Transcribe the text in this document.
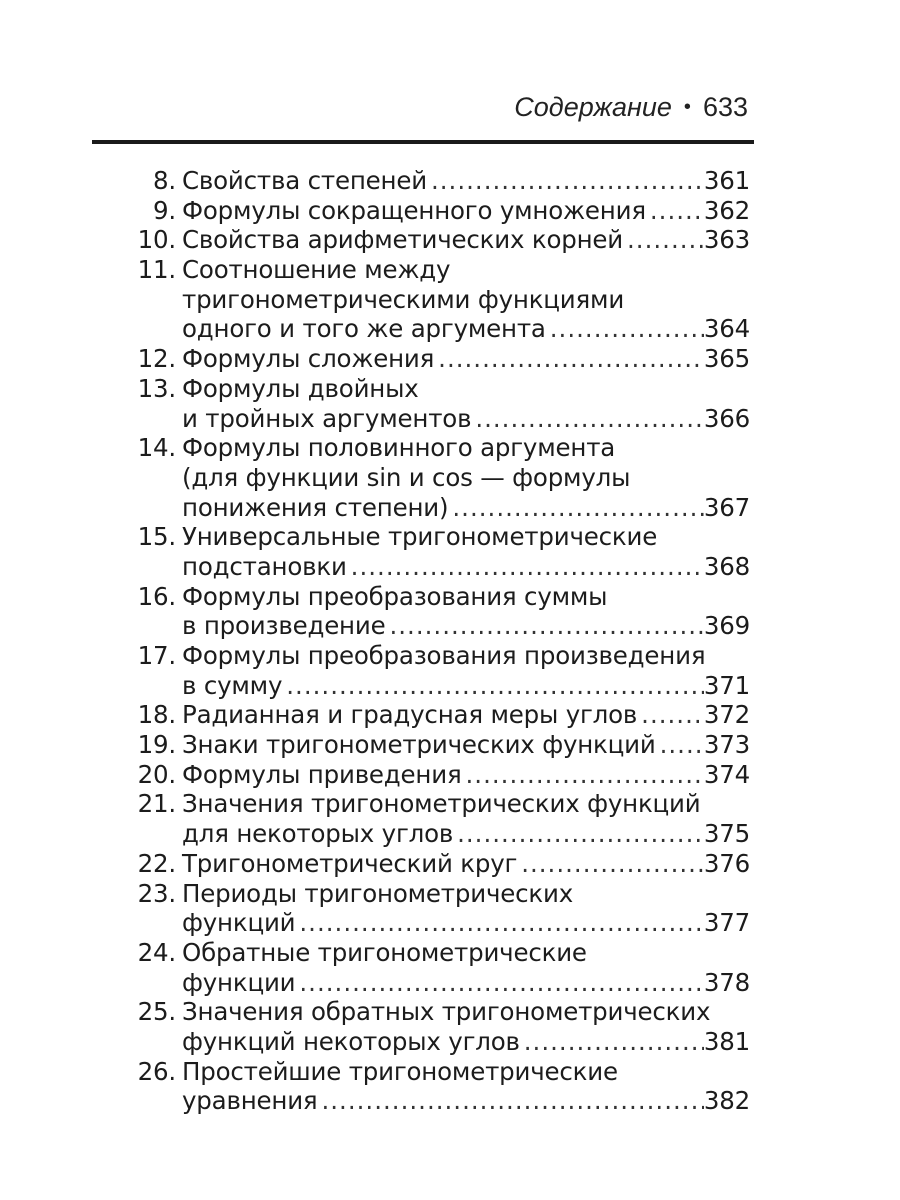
Содержание • 633
8. Свойства степеней .....	361
9. Формулы сокращенного умножения ..... 362
10. Свойства арифметических корней .....	363
11. Соотношение между
тригонометрическими функциями
одного и того же аргумента .....	364
12. Формулы сложения .....	365
13. Формулы двойных
и тройных аргументов .....	366
14. Формулы половинного аргумента
(для функции sin и cos — формулы
понижения степени) .....	367
15. Универсальные тригонометрические
подстановки .....	368
16. Формулы преобразования суммы
в произведение .....	369
17. Формулы преобразования произведения
в сумму .....	371
18. Радианная и градусная меры углов .....	372
19. Знаки тригонометрических функций ..... 373
20. Формулы приведения .....	374
21. Значения тригонометрических функций
для некоторых углов .....	375
22. Тригонометрический круг .....	376
23. Периоды тригонометрических
функций .....	377
24. Обратные тригонометрические
функции .....	378
25. Значения обратных тригонометрических
функций некоторых углов .....	381
26. Простейшие тригонометрические
уравнения .....	382
